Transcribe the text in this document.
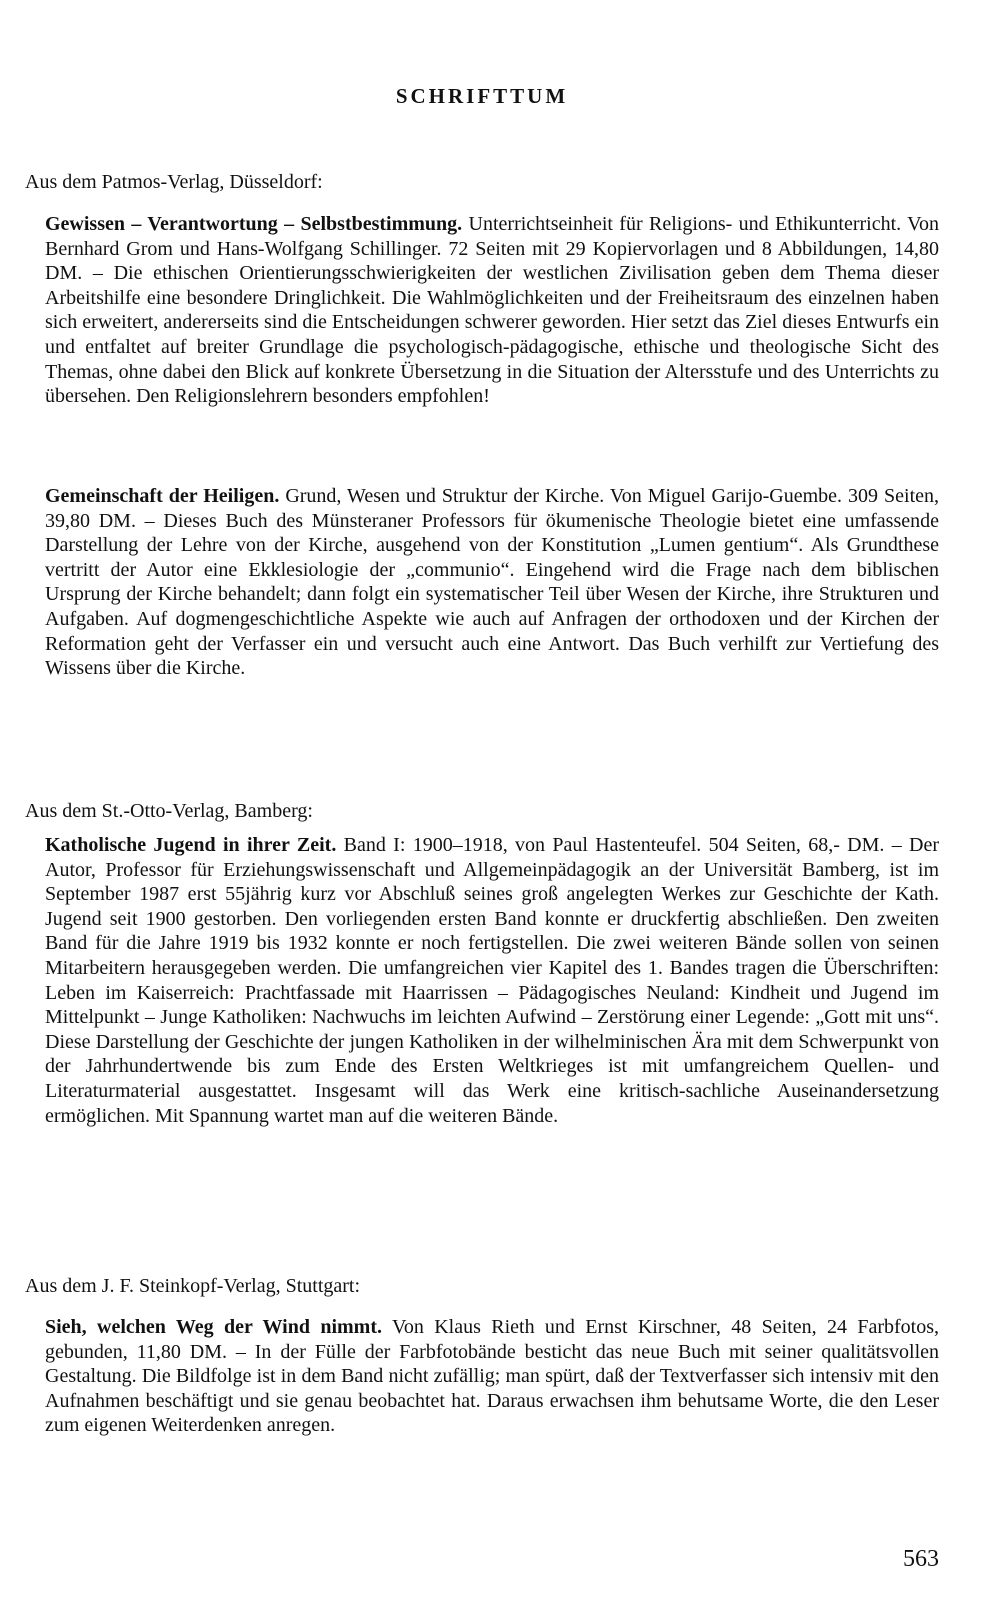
SCHRIFTTUM

Aus dem Patmos-Verlag, Düsseldorf:

Gewissen – Verantwortung – Selbstbestimmung. Unterrichtseinheit für Religions- und Ethikunterricht. Von Bernhard Grom und Hans-Wolfgang Schillinger. 72 Seiten mit 29 Kopiervorlagen und 8 Abbildungen, 14,80 DM. – Die ethischen Orientierungsschwierigkeiten der westlichen Zivilisation geben dem Thema dieser Arbeitshilfe eine besondere Dringlichkeit. Die Wahlmöglichkeiten und der Freiheitsraum des einzelnen haben sich erweitert, andererseits sind die Entscheidungen schwerer geworden. Hier setzt das Ziel dieses Entwurfs ein und entfaltet auf breiter Grundlage die psychologisch-pädagogische, ethische und theologische Sicht des Themas, ohne dabei den Blick auf konkrete Übersetzung in die Situation der Altersstufe und des Unterrichts zu übersehen. Den Religionslehrern besonders empfohlen!

Gemeinschaft der Heiligen. Grund, Wesen und Struktur der Kirche. Von Miguel Garijo-Guembe. 309 Seiten, 39,80 DM. – Dieses Buch des Münsteraner Professors für ökumenische Theologie bietet eine umfassende Darstellung der Lehre von der Kirche, ausgehend von der Konstitution „Lumen gentium“. Als Grundthese vertritt der Autor eine Ekklesiologie der „communio“. Eingehend wird die Frage nach dem biblischen Ursprung der Kirche behandelt; dann folgt ein systematischer Teil über Wesen der Kirche, ihre Strukturen und Aufgaben. Auf dogmengeschichtliche Aspekte wie auch auf Anfragen der orthodoxen und der Kirchen der Reformation geht der Verfasser ein und versucht auch eine Antwort. Das Buch verhilft zur Vertiefung des Wissens über die Kirche.

Aus dem St.-Otto-Verlag, Bamberg:

Katholische Jugend in ihrer Zeit. Band I: 1900–1918, von Paul Hastenteufel. 504 Seiten, 68,- DM. – Der Autor, Professor für Erziehungswissenschaft und Allgemeinpädagogik an der Universität Bamberg, ist im September 1987 erst 55jährig kurz vor Abschluß seines groß angelegten Werkes zur Geschichte der Kath. Jugend seit 1900 gestorben. Den vorliegenden ersten Band konnte er druckfertig abschließen. Den zweiten Band für die Jahre 1919 bis 1932 konnte er noch fertigstellen. Die zwei weiteren Bände sollen von seinen Mitarbeitern herausgegeben werden. Die umfangreichen vier Kapitel des 1. Bandes tragen die Überschriften: Leben im Kaiserreich: Prachtfassade mit Haarrissen – Pädagogisches Neuland: Kindheit und Jugend im Mittelpunkt – Junge Katholiken: Nachwuchs im leichten Aufwind – Zerstörung einer Legende: „Gott mit uns“. Diese Darstellung der Geschichte der jungen Katholiken in der wilhelminischen Ära mit dem Schwerpunkt von der Jahrhundertwende bis zum Ende des Ersten Weltkrieges ist mit umfangreichem Quellen- und Literaturmaterial ausgestattet. Insgesamt will das Werk eine kritisch-sachliche Auseinandersetzung ermöglichen. Mit Spannung wartet man auf die weiteren Bände.

Aus dem J. F. Steinkopf-Verlag, Stuttgart:

Sieh, welchen Weg der Wind nimmt. Von Klaus Rieth und Ernst Kirschner, 48 Seiten, 24 Farbfotos, gebunden, 11,80 DM. – In der Fülle der Farbfotobände besticht das neue Buch mit seiner qualitätsvollen Gestaltung. Die Bildfolge ist in dem Band nicht zufällig; man spürt, daß der Textverfasser sich intensiv mit den Aufnahmen beschäftigt und sie genau beobachtet hat. Daraus erwachsen ihm behutsame Worte, die den Leser zum eigenen Weiterdenken anregen.

563
